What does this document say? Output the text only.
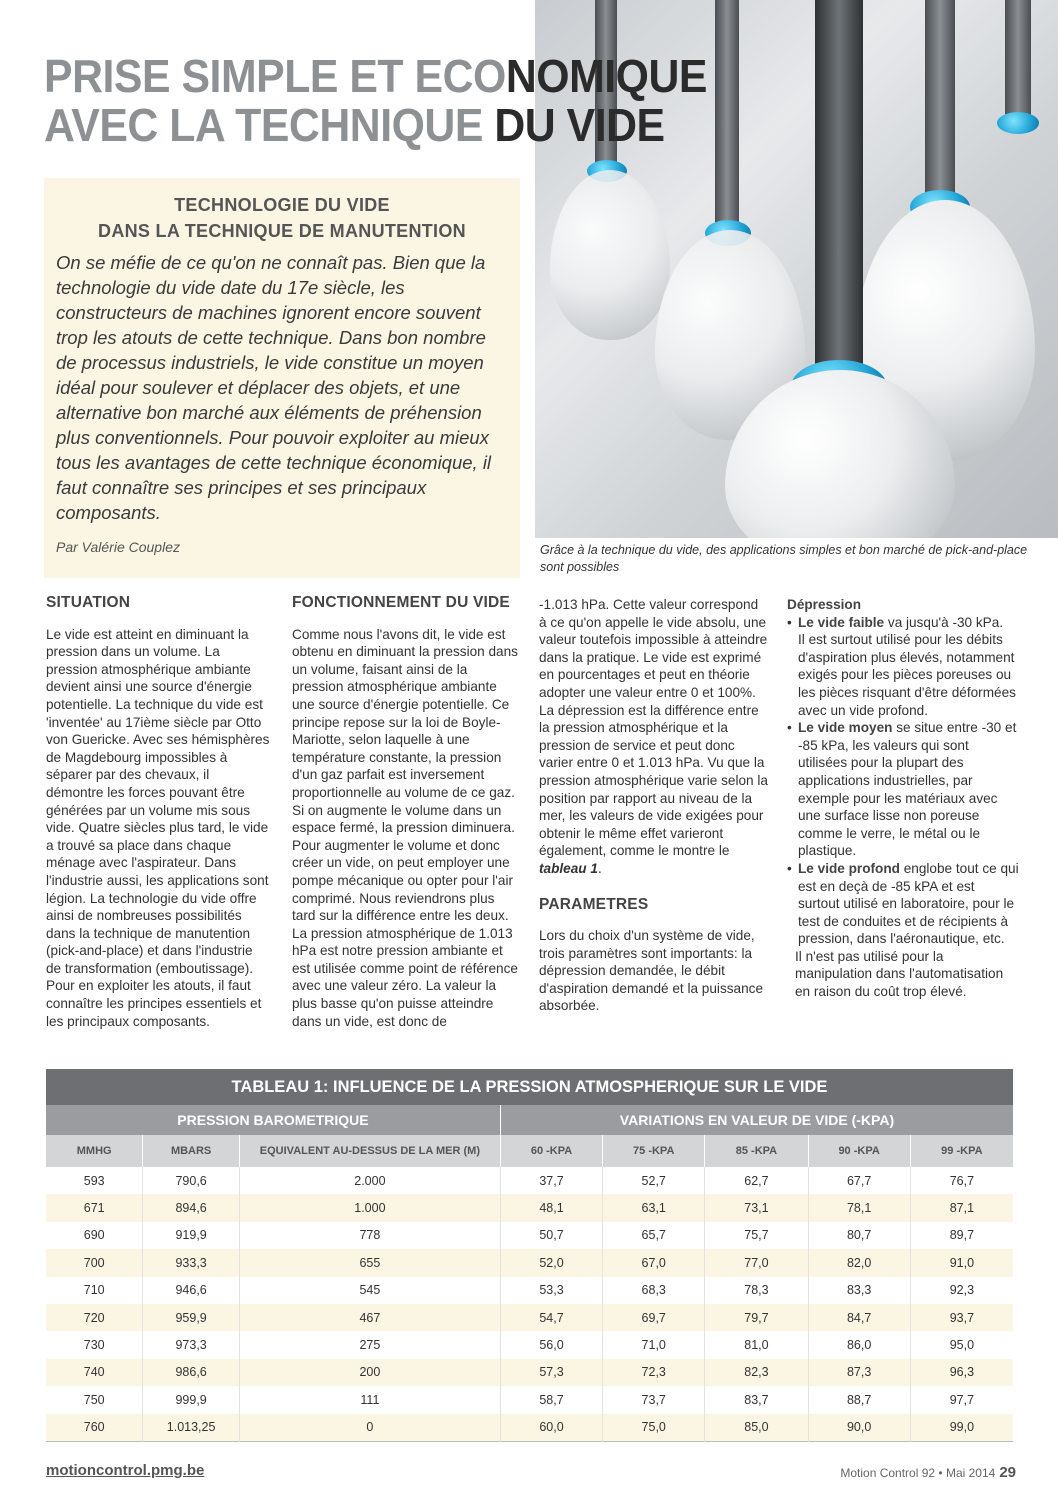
Grâce à la technique du vide, des applications simples et bon marché de pick-and-place sont possibles
PRISE SIMPLE ET ECONOMIQUE
AVEC LA TECHNIQUE DU VIDE
TECHNOLOGIE DU VIDE
DANS LA TECHNIQUE DE MANUTENTION
On se méfie de ce qu'on ne connaît pas. Bien que la technologie du vide date du 17e siècle, les constructeurs de machines ignorent encore souvent trop les atouts de cette technique. Dans bon nombre de processus industriels, le vide constitue un moyen idéal pour soulever et déplacer des objets, et une alternative bon marché aux éléments de préhension plus conventionnels. Pour pouvoir exploiter au mieux tous les avantages de cette technique économique, il faut connaître ses principes et ses principaux composants.
Par Valérie Couplez
SITUATION

Le vide est atteint en diminuant la pression dans un volume. La pression atmosphérique ambiante devient ainsi une source d'énergie potentielle. La technique du vide est 'inventée' au 17ième siècle par Otto von Guericke. Avec ses hémisphères de Magdebourg impossibles à séparer par des chevaux, il démontre les forces pouvant être générées par un volume mis sous vide. Quatre siècles plus tard, le vide a trouvé sa place dans chaque ménage avec l'aspirateur. Dans l'industrie aussi, les applications sont légion. La technologie du vide offre ainsi de nombreuses possibilités dans la technique de manutention (pick-and-place) et dans l'industrie de transformation (emboutissage). Pour en exploiter les atouts, il faut connaître les principes essentiels et les principaux composants.

FONCTIONNEMENT DU VIDE

Comme nous l'avons dit, le vide est obtenu en diminuant la pression dans un volume, faisant ainsi de la pression atmosphérique ambiante une source d'énergie potentielle. Ce principe repose sur la loi de Boyle-Mariotte, selon laquelle à une température constante, la pression d'un gaz parfait est inversement proportionnelle au volume de ce gaz. Si on augmente le volume dans un espace fermé, la pression diminuera. Pour augmenter le volume et donc créer un vide, on peut employer une pompe mécanique ou opter pour l'air comprimé. Nous reviendrons plus tard sur la différence entre les deux. La pression atmosphérique de 1.013 hPa est notre pression ambiante et est utilisée comme point de référence avec une valeur zéro. La valeur la plus basse qu'on puisse atteindre dans un vide, est donc de

-1.013 hPa. Cette valeur correspond à ce qu'on appelle le vide absolu, une valeur toutefois impossible à atteindre dans la pratique. Le vide est exprimé en pourcentages et peut en théorie adopter une valeur entre 0 et 100%. La dépression est la différence entre la pression atmosphérique et la pression de service et peut donc varier entre 0 et 1.013 hPa. Vu que la pression atmosphérique varie selon la position par rapport au niveau de la mer, les valeurs de vide exigées pour obtenir le même effet varieront également, comme le montre le tableau 1.

PARAMETRES

Lors du choix d'un système de vide, trois paramètres sont importants: la dépression demandée, le débit d'aspiration demandé et la puissance absorbée.

Dépression
• Le vide faible va jusqu'à -30 kPa.
Il est surtout utilisé pour les débits d'aspiration plus élevés, notamment exigés pour les pièces poreuses ou les pièces risquant d'être déformées avec un vide profond.
• Le vide moyen se situe entre -30 et -85 kPa, les valeurs qui sont utilisées pour la plupart des applications industrielles, par exemple pour les matériaux avec une surface lisse non poreuse comme le verre, le métal ou le plastique.
• Le vide profond englobe tout ce qui est en deçà de -85 kPA et est surtout utilisé en laboratoire, pour le test de conduites et de récipients à pression, dans l'aéronautique, etc.
Il n'est pas utilisé pour la manipulation dans l'automatisation en raison du coût trop élevé.
TABLEAU 1: INFLUENCE DE LA PRESSION ATMOSPHERIQUE SUR LE VIDE							
PRESSION BAROMETRIQUE			VARIATIONS EN VALEUR DE VIDE (-KPA)				
MMHG	MBARS	EQUIVALENT AU-DESSUS DE LA MER (M)	60 -KPA	75 -KPA	85 -KPA	90 -KPA	99 -KPA
593	790,6	2.000	37,7	52,7	62,7	67,7	76,7
671	894,6	1.000	48,1	63,1	73,1	78,1	87,1
690	919,9	778	50,7	65,7	75,7	80,7	89,7
700	933,3	655	52,0	67,0	77,0	82,0	91,0
710	946,6	545	53,3	68,3	78,3	83,3	92,3
720	959,9	467	54,7	69,7	79,7	84,7	93,7
730	973,3	275	56,0	71,0	81,0	86,0	95,0
740	986,6	200	57,3	72,3	82,3	87,3	96,3
750	999,9	111	58,7	73,7	83,7	88,7	97,7
760	1.013,25	0	60,0	75,0	85,0	90,0	99,0
motioncontrol.pmg.be	Motion Control 92 • Mai 2014 29
